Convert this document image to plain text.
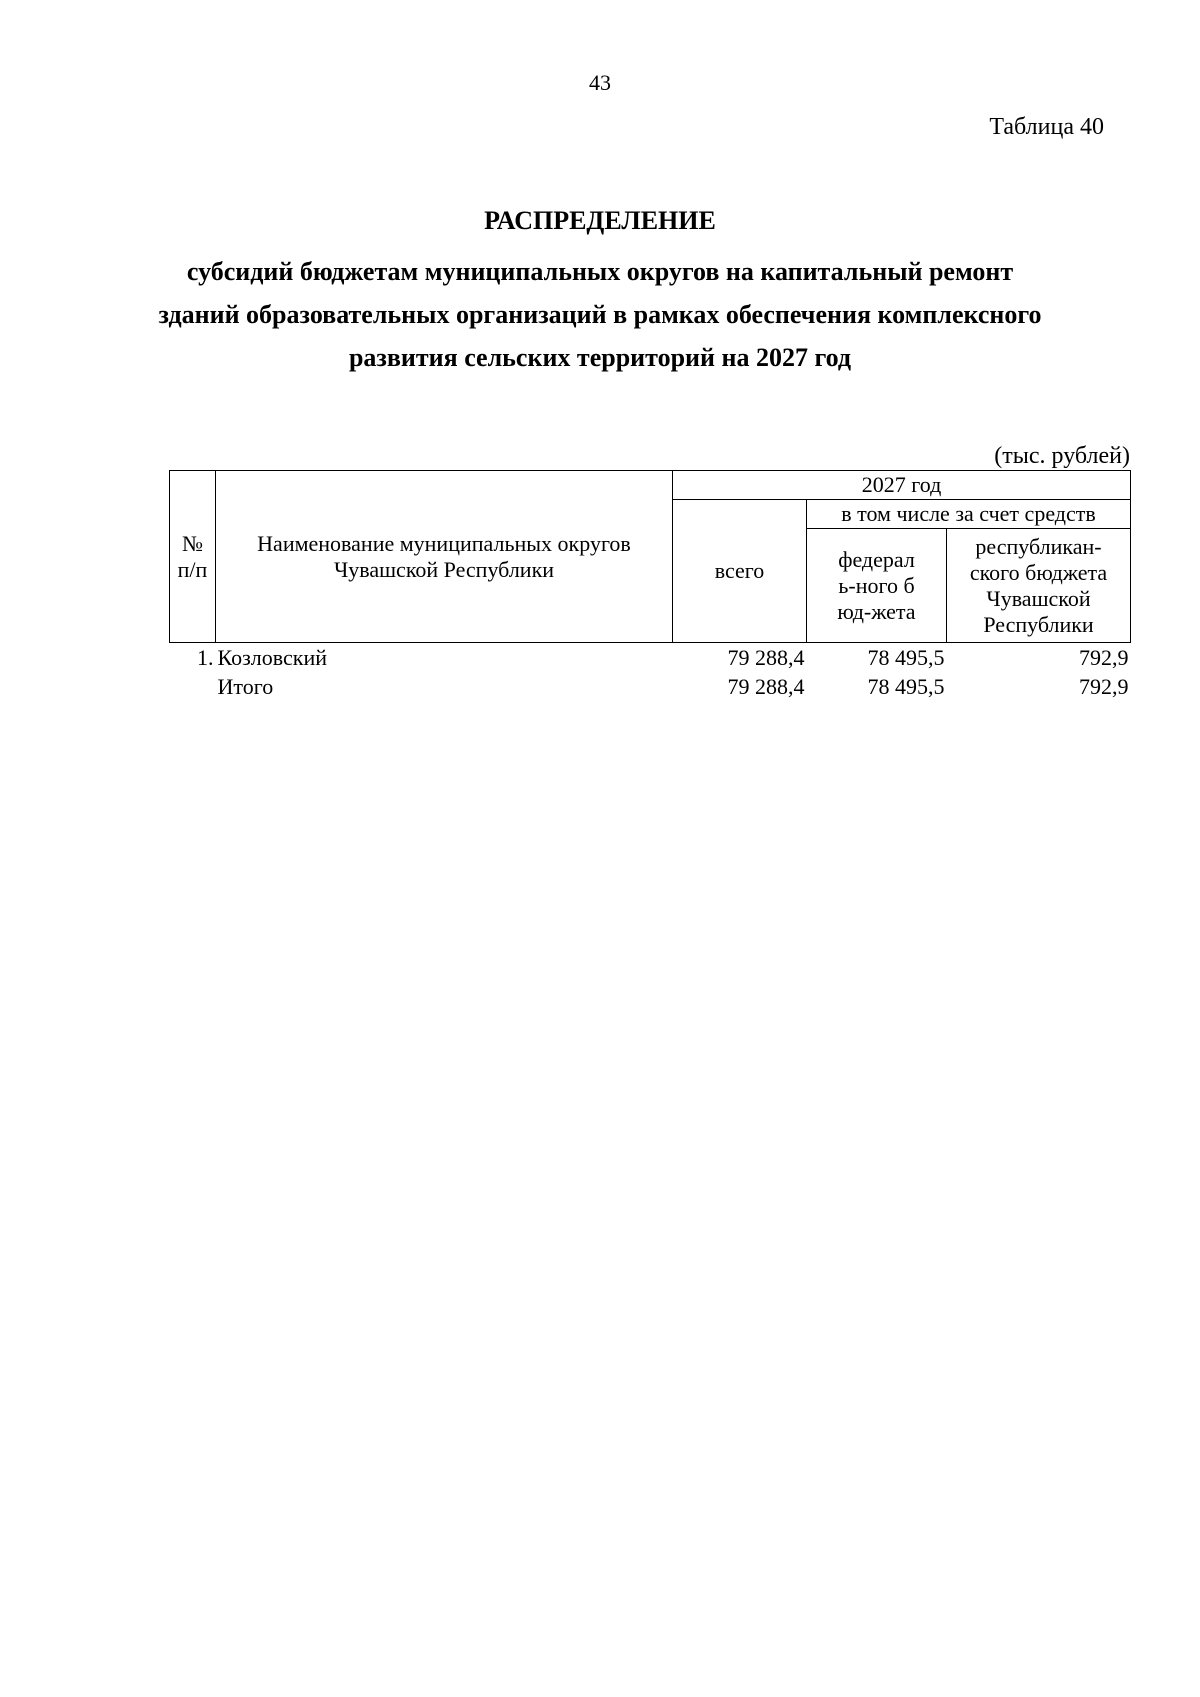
43
Таблица 40
РАСПРЕДЕЛЕНИЕ
субсидий бюджетам муниципальных округов на капитальный ремонт зданий образовательных организаций в рамках обеспечения комплексного развития сельских территорий на 2027 год
(тыс. рублей)
№ п/п	Наименование муниципальных округов Чувашской Республики	2027 год		
		всего	в том числе за счет средств	

			федераль-ного бюд-жета	республикан-ского бюджета Чувашской Республики

1.	Козловский	79 288,4	78 495,5	792,9
	Итого	79 288,4	78 495,5	792,9
